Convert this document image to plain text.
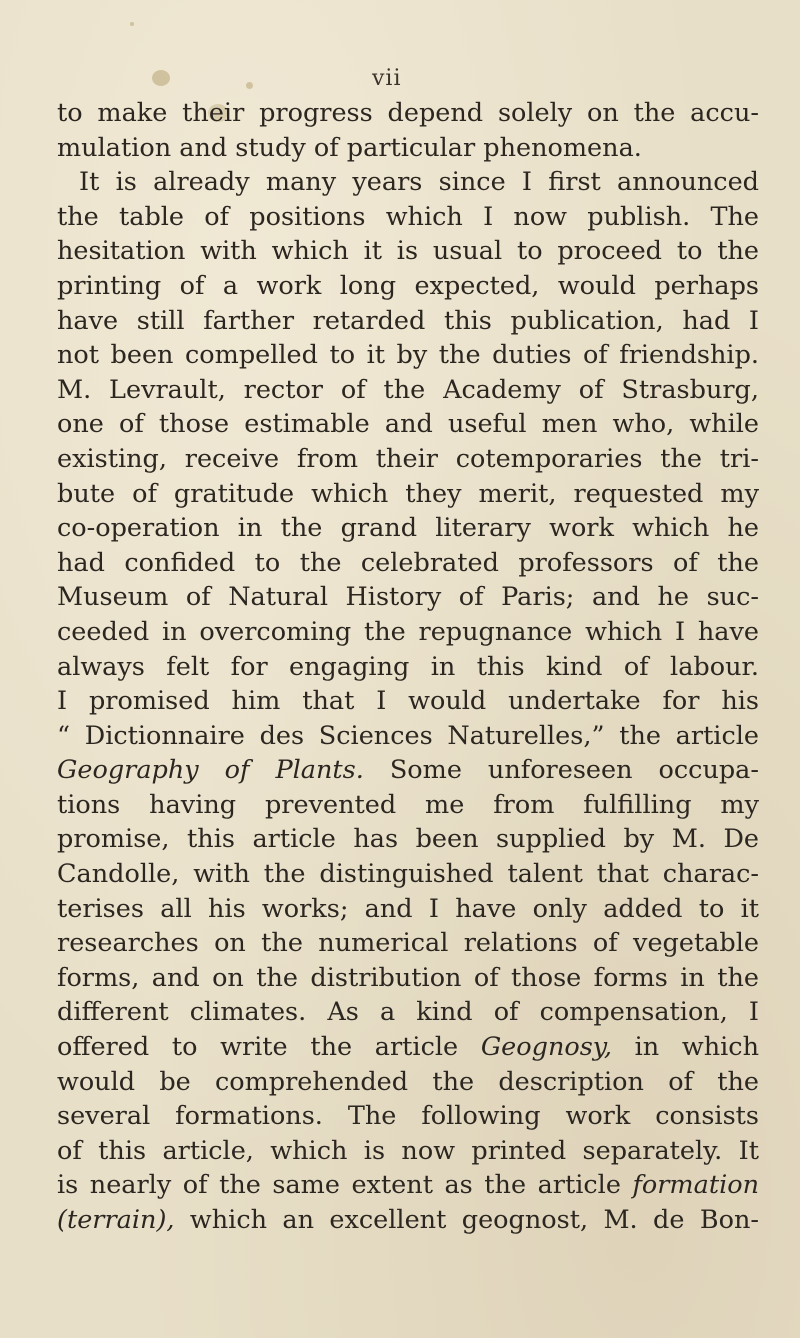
vii
to make their progress depend solely on the accu-
mulation and study of particular phenomena.
It is already many years since I first announced
the table of positions which I now publish. The
hesitation with which it is usual to proceed to the
printing of a work long expected, would perhaps
have still farther retarded this publication, had I
not been compelled to it by the duties of friendship.
M. Levrault, rector of the Academy of Strasburg,
one of those estimable and useful men who, while
existing, receive from their cotemporaries the tri-
bute of gratitude which they merit, requested my
co-operation in the grand literary work which he
had confided to the celebrated professors of the
Museum of Natural History of Paris; and he suc-
ceeded in overcoming the repugnance which I have
always felt for engaging in this kind of labour.
I promised him that I would undertake for his
“ Dictionnaire des Sciences Naturelles,” the article
Geography of Plants. Some unforeseen occupa-
tions having prevented me from fulfilling my
promise, this article has been supplied by M. De
Candolle, with the distinguished talent that charac-
terises all his works; and I have only added to it
researches on the numerical relations of vegetable
forms, and on the distribution of those forms in the
different climates. As a kind of compensation, I
offered to write the article Geognosy, in which
would be comprehended the description of the
several formations. The following work consists
of this article, which is now printed separately. It
is nearly of the same extent as the article formation
(terrain), which an excellent geognost, M. de Bon-
